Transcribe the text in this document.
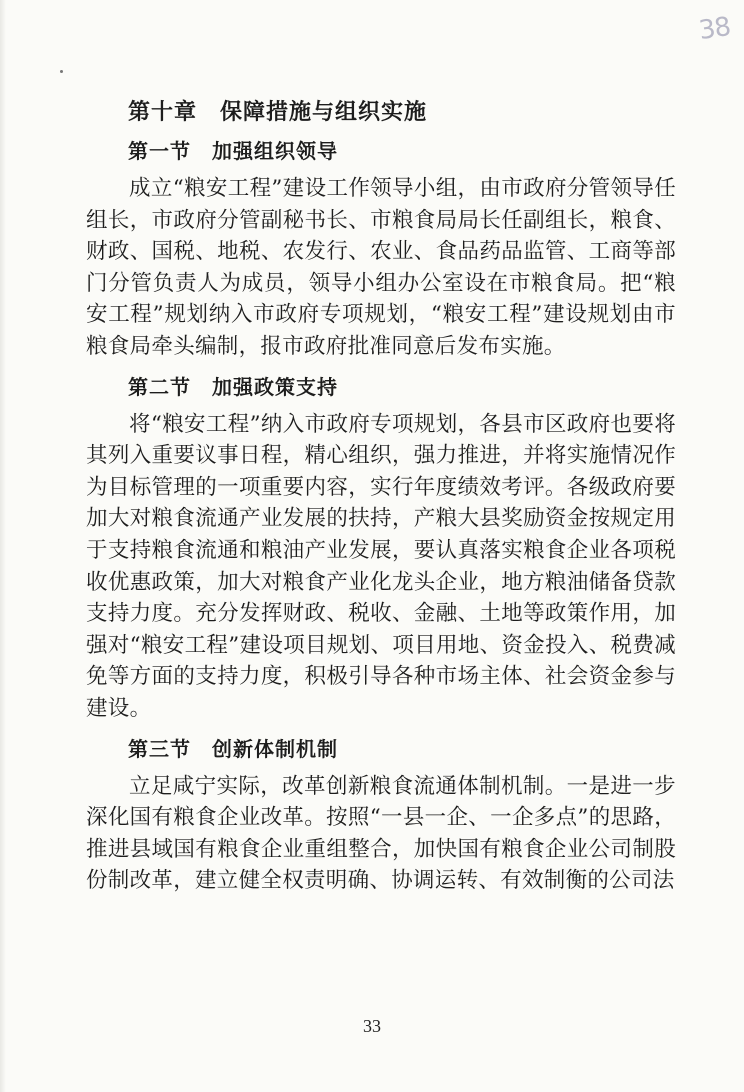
38
第十章　保障措施与组织实施
第一节　加强组织领导

成立“粮安工程”建设工作领导小组，由市政府分管领导任组长，市政府分管副秘书长、市粮食局局长任副组长，粮食、财政、国税、地税、农发行、农业、食品药品监管、工商等部门分管负责人为成员，领导小组办公室设在市粮食局。把“粮安工程”规划纳入市政府专项规划，“粮安工程”建设规划由市粮食局牵头编制，报市政府批准同意后发布实施。

第二节　加强政策支持

将“粮安工程”纳入市政府专项规划，各县市区政府也要将其列入重要议事日程，精心组织，强力推进，并将实施情况作为目标管理的一项重要内容，实行年度绩效考评。各级政府要加大对粮食流通产业发展的扶持，产粮大县奖励资金按规定用于支持粮食流通和粮油产业发展，要认真落实粮食企业各项税收优惠政策，加大对粮食产业化龙头企业，地方粮油储备贷款支持力度。充分发挥财政、税收、金融、土地等政策作用，加强对“粮安工程”建设项目规划、项目用地、资金投入、税费减免等方面的支持力度，积极引导各种市场主体、社会资金参与建设。

第三节　创新体制机制

立足咸宁实际，改革创新粮食流通体制机制。一是进一步深化国有粮食企业改革。按照“一县一企、一企多点”的思路，推进县域国有粮食企业重组整合，加快国有粮食企业公司制股份制改革，建立健全权责明确、协调运转、有效制衡的公司法

33
